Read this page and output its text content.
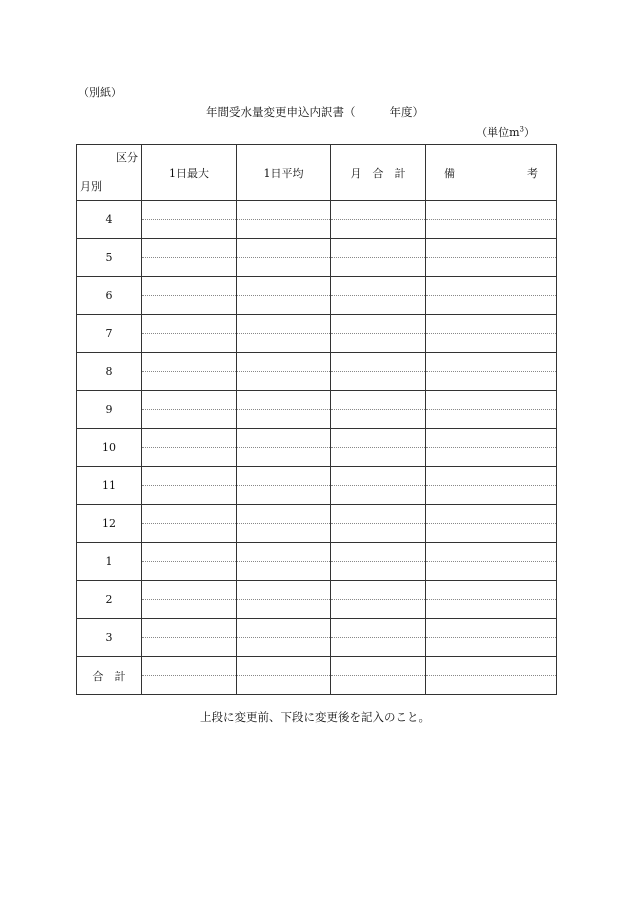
（別紙）
年間受水量変更申込内訳書（	年度）
（単位$m^3$）
区分
月別	1日最大	1日平均	月　合　計	備 考

4				

5				

6				

7				

8				

9				

10				

11				

12				

1				

2				

3				

合　計				

上段に変更前、下段に変更後を記入のこと。
